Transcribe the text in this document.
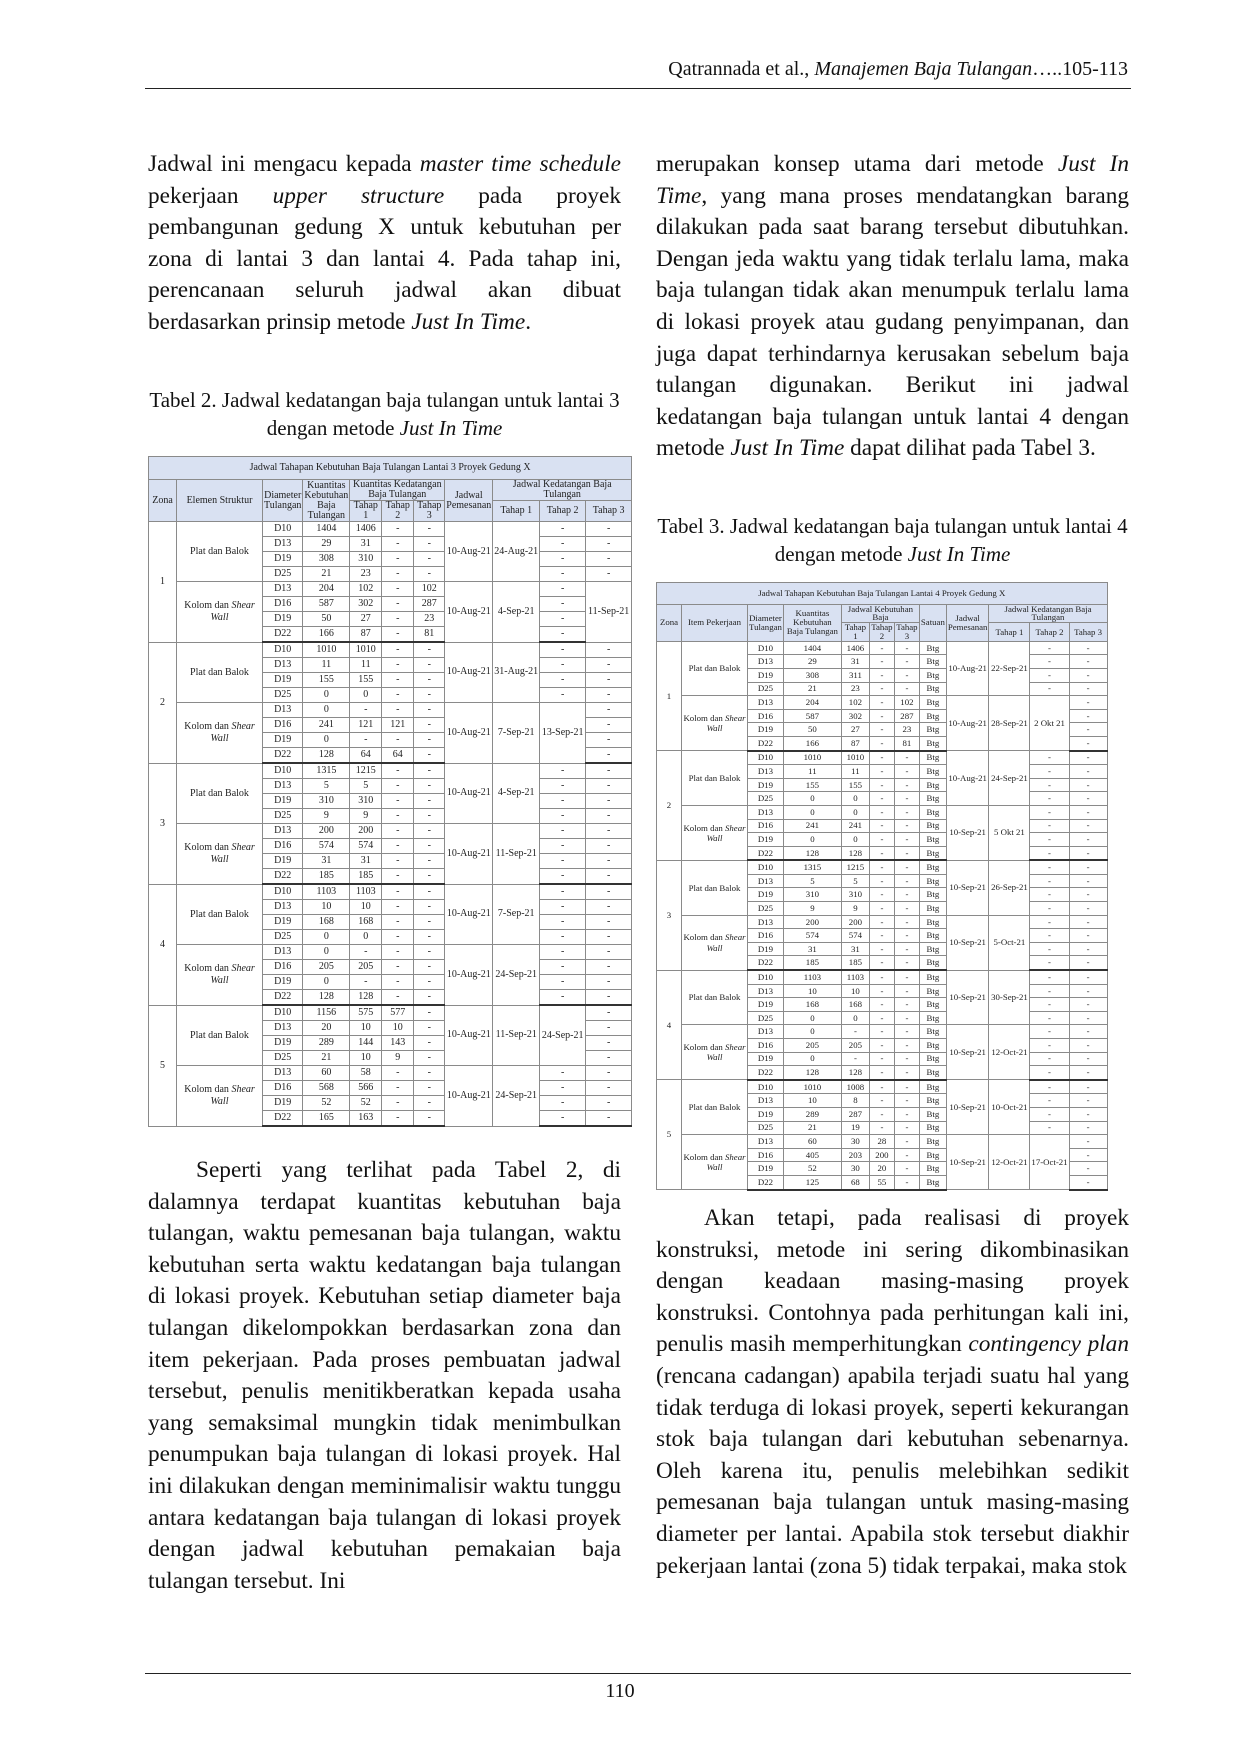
Qatrannada et al., Manajemen Baja Tulangan…..105-113

Jadwal ini mengacu kepada master time schedule pekerjaan upper structure pada proyek pembangunan gedung X untuk kebutuhan per zona di lantai 3 dan lantai 4. Pada tahap ini, perencanaan seluruh jadwal akan dibuat berdasarkan prinsip metode Just In Time.

Tabel 2. Jadwal kedatangan baja tulangan untuk lantai 3 dengan metode Just In Time
Jadwal Tahapan Kebutuhan Baja Tulangan Lantai 3 Proyek Gedung X										
Zona	Elemen Struktur	Diameter Tulangan	Kuantitas Kebutuhan Baja Tulangan	Kuantitas Kedatangan Baja Tulangan			Jadwal Pemesanan	Jadwal Kedatangan Baja Tulangan		
				Tahap 1	Tahap 2	Tahap 3		Tahap 1	Tahap 2	Tahap 3
1	Plat dan Balok	D10	1404	1406	-	-	10-Aug-21	24-Aug-21	-	-
		D13	29	31	-	-			-	-
		D19	308	310	-	-			-	-
		D25	21	23	-	-			-	-
	Kolom dan Shear Wall	D13	204	102	-	102	10-Aug-21	4-Sep-21	-	11-Sep-21
		D16	587	302	-	287			-	
		D19	50	27	-	23			-	
		D22	166	87	-	81			-	
2	Plat dan Balok	D10	1010	1010	-	-	10-Aug-21	31-Aug-21	-	-
		D13	11	11	-	-			-	-
		D19	155	155	-	-			-	-
		D25	0	0	-	-			-	-
	Kolom dan Shear Wall	D13	0	-	-	-	10-Aug-21	7-Sep-21	13-Sep-21	-
		D16	241	121	121	-				-
		D19	0	-	-	-				-
		D22	128	64	64	-				-
3	Plat dan Balok	D10	1315	1215	-	-	10-Aug-21	4-Sep-21	-	-
		D13	5	5	-	-			-	-
		D19	310	310	-	-			-	-
		D25	9	9	-	-			-	-
	Kolom dan Shear Wall	D13	200	200	-	-	10-Aug-21	11-Sep-21	-	-
		D16	574	574	-	-			-	-
		D19	31	31	-	-			-	-
		D22	185	185	-	-			-	-
4	Plat dan Balok	D10	1103	1103	-	-	10-Aug-21	7-Sep-21	-	-
		D13	10	10	-	-			-	-
		D19	168	168	-	-			-	-
		D25	0	0	-	-			-	-
	Kolom dan Shear Wall	D13	0	-	-	-	10-Aug-21	24-Sep-21	-	-
		D16	205	205	-	-			-	-
		D19	0	-	-	-			-	-
		D22	128	128	-	-			-	-
5	Plat dan Balok	D10	1156	575	577	-	10-Aug-21	11-Sep-21	24-Sep-21	-
		D13	20	10	10	-				-
		D19	289	144	143	-				-
		D25	21	10	9	-				-
	Kolom dan Shear Wall	D13	60	58	-	-	10-Aug-21	24-Sep-21	-	-
		D16	568	566	-	-			-	-
		D19	52	52	-	-			-	-
		D22	165	163	-	-			-	-

Seperti yang terlihat pada Tabel 2, di dalamnya terdapat kuantitas kebutuhan baja tulangan, waktu pemesanan baja tulangan, waktu kebutuhan serta waktu kedatangan baja tulangan di lokasi proyek. Kebutuhan setiap diameter baja tulangan dikelompokkan berdasarkan zona dan item pekerjaan. Pada proses pembuatan jadwal tersebut, penulis menitikberatkan kepada usaha yang semaksimal mungkin tidak menimbulkan penumpukan baja tulangan di lokasi proyek. Hal ini dilakukan dengan meminimalisir waktu tunggu antara kedatangan baja tulangan di lokasi proyek dengan jadwal kebutuhan pemakaian baja tulangan tersebut. Ini

merupakan konsep utama dari metode Just In Time, yang mana proses mendatangkan barang dilakukan pada saat barang tersebut dibutuhkan. Dengan jeda waktu yang tidak terlalu lama, maka baja tulangan tidak akan menumpuk terlalu lama di lokasi proyek atau gudang penyimpanan, dan juga dapat terhindarnya kerusakan sebelum baja tulangan digunakan. Berikut ini jadwal kedatangan baja tulangan untuk lantai 4 dengan metode Just In Time dapat dilihat pada Tabel 3.

Tabel 3. Jadwal kedatangan baja tulangan untuk lantai 4 dengan metode Just In Time
Jadwal Tahapan Kebutuhan Baja Tulangan Lantai 4 Proyek Gedung X											
Zona	Item Pekerjaan	Diameter Tulangan	Kuantitas Kebutuhan Baja Tulangan	Jadwal Kebutuhan Baja			Satuan	Jadwal Pemesanan	Jadwal Kedatangan Baja Tulangan		
				Tahap 1	Tahap 2	Tahap 3			Tahap 1	Tahap 2	Tahap 3
1	Plat dan Balok	D10	1404	1406	-	-	Btg	10-Aug-21	22-Sep-21	-	-
		D13	29	31	-	-	Btg			-	-
		D19	308	311	-	-	Btg			-	-
		D25	21	23	-	-	Btg			-	-
	Kolom dan Shear Wall	D13	204	102	-	102	Btg	10-Aug-21	28-Sep-21	2 Okt 21	-
		D16	587	302	-	287	Btg				-
		D19	50	27	-	23	Btg				-
		D22	166	87	-	81	Btg				-
2	Plat dan Balok	D10	1010	1010	-	-	Btg	10-Aug-21	24-Sep-21	-	-
		D13	11	11	-	-	Btg			-	-
		D19	155	155	-	-	Btg			-	-
		D25	0	0	-	-	Btg			-	-
	Kolom dan Shear Wall	D13	0	0	-	-	Btg	10-Sep-21	5 Okt 21	-	-
		D16	241	241	-	-	Btg			-	-
		D19	0	0	-	-	Btg			-	-
		D22	128	128	-	-	Btg			-	-
3	Plat dan Balok	D10	1315	1215	-	-	Btg	10-Sep-21	26-Sep-21	-	-
		D13	5	5	-	-	Btg			-	-
		D19	310	310	-	-	Btg			-	-
		D25	9	9	-	-	Btg			-	-
	Kolom dan Shear Wall	D13	200	200	-	-	Btg	10-Sep-21	5-Oct-21	-	-
		D16	574	574	-	-	Btg			-	-
		D19	31	31	-	-	Btg			-	-
		D22	185	185	-	-	Btg			-	-
4	Plat dan Balok	D10	1103	1103	-	-	Btg	10-Sep-21	30-Sep-21	-	-
		D13	10	10	-	-	Btg			-	-
		D19	168	168	-	-	Btg			-	-
		D25	0	0	-	-	Btg			-	-
	Kolom dan Shear Wall	D13	0	-	-	-	Btg	10-Sep-21	12-Oct-21	-	-
		D16	205	205	-	-	Btg			-	-
		D19	0	-	-	-	Btg			-	-
		D22	128	128	-	-	Btg			-	-
5	Plat dan Balok	D10	1010	1008	-	-	Btg	10-Sep-21	10-Oct-21	-	-
		D13	10	8	-	-	Btg			-	-
		D19	289	287	-	-	Btg			-	-
		D25	21	19	-	-	Btg			-	-
	Kolom dan Shear Wall	D13	60	30	28	-	Btg	10-Sep-21	12-Oct-21	17-Oct-21	-
		D16	405	203	200	-	Btg				-
		D19	52	30	20	-	Btg				-
		D22	125	68	55	-	Btg				-

Akan tetapi, pada realisasi di proyek konstruksi, metode ini sering dikombinasikan dengan keadaan masing-masing proyek konstruksi. Contohnya pada perhitungan kali ini, penulis masih memperhitungkan contingency plan (rencana cadangan) apabila terjadi suatu hal yang tidak terduga di lokasi proyek, seperti kekurangan stok baja tulangan dari kebutuhan sebenarnya. Oleh karena itu, penulis melebihkan sedikit pemesanan baja tulangan untuk masing-masing diameter per lantai. Apabila stok tersebut diakhir pekerjaan lantai (zona 5) tidak terpakai, maka stok

110
